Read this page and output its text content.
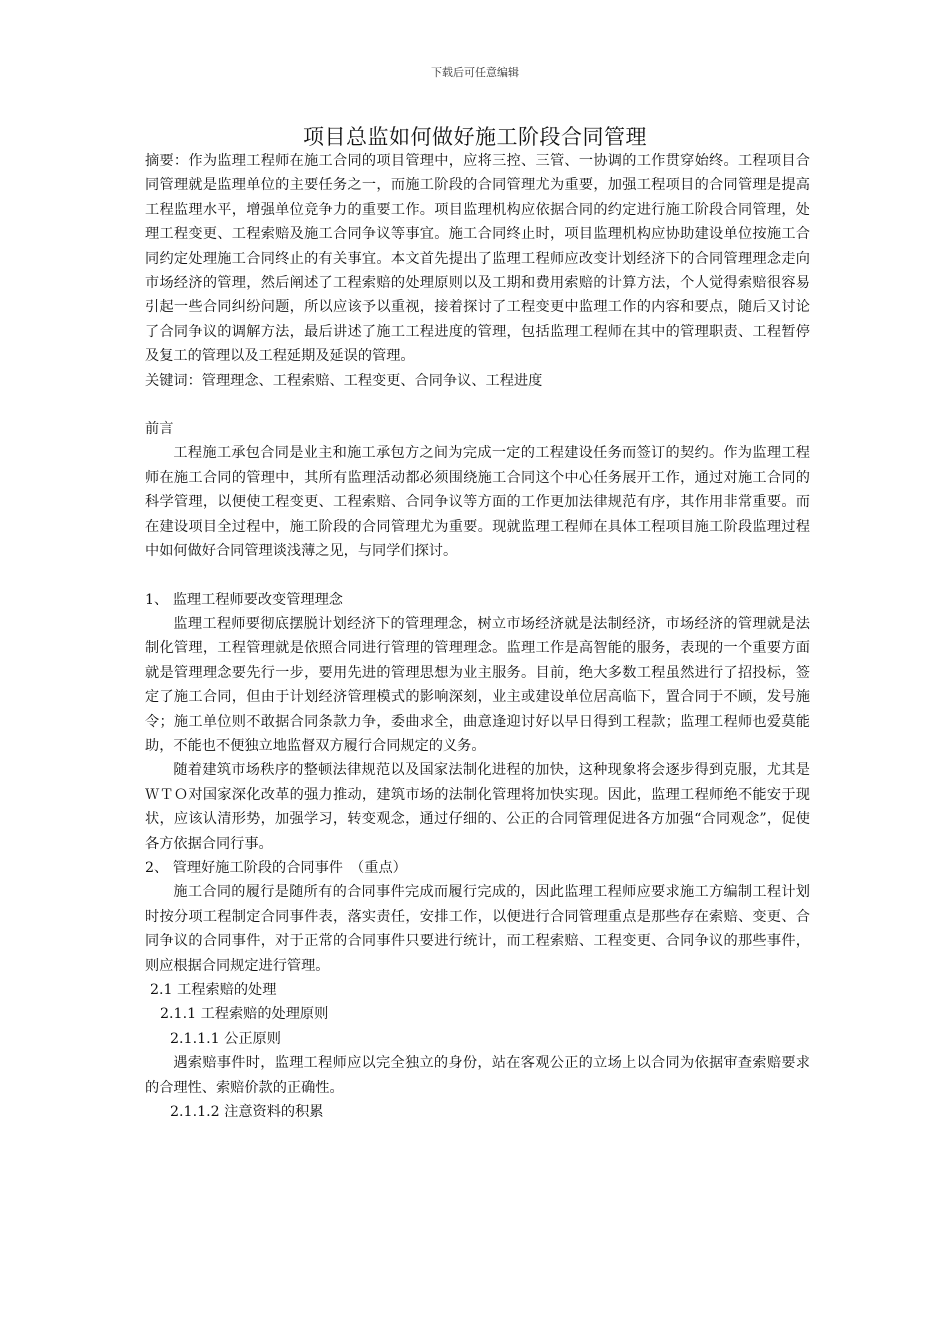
下载后可任意编辑
项目总监如何做好施工阶段合同管理

摘要：作为监理工程师在施工合同的项目管理中，应将三控、三管、一协调的工作贯穿始终。工程项目合同管理就是监理单位的主要任务之一，而施工阶段的合同管理尤为重要，加强工程项目的合同管理是提高工程监理水平，增强单位竞争力的重要工作。项目监理机构应依据合同的约定进行施工阶段合同管理，处理工程变更、工程索赔及施工合同争议等事宜。施工合同终止时，项目监理机构应协助建设单位按施工合同约定处理施工合同终止的有关事宜。本文首先提出了监理工程师应改变计划经济下的合同管理理念走向市场经济的管理，然后阐述了工程索赔的处理原则以及工期和费用索赔的计算方法，个人觉得索赔很容易引起一些合同纠纷问题，所以应该予以重视，接着探讨了工程变更中监理工作的内容和要点，随后又讨论了合同争议的调解方法，最后讲述了施工工程进度的管理，包括监理工程师在其中的管理职责、工程暂停及复工的管理以及工程延期及延误的管理。

关键词：管理理念、工程索赔、工程变更、合同争议、工程进度

前言

工程施工承包合同是业主和施工承包方之间为完成一定的工程建设任务而签订的契约。作为监理工程师在施工合同的管理中，其所有监理活动都必须围绕施工合同这个中心任务展开工作，通过对施工合同的科学管理，以便使工程变更、工程索赔、合同争议等方面的工作更加法律规范有序，其作用非常重要。而在建设项目全过程中，施工阶段的合同管理尤为重要。现就监理工程师在具体工程项目施工阶段监理过程中如何做好合同管理谈浅薄之见，与同学们探讨。

1、 监理工程师要改变管理理念

监理工程师要彻底摆脱计划经济下的管理理念，树立市场经济就是法制经济，市场经济的管理就是法制化管理，工程管理就是依照合同进行管理的管理理念。监理工作是高智能的服务，表现的一个重要方面就是管理理念要先行一步，要用先进的管理思想为业主服务。目前，绝大多数工程虽然进行了招投标，签定了施工合同，但由于计划经济管理模式的影响深刻，业主或建设单位居高临下，置合同于不顾，发号施令；施工单位则不敢据合同条款力争，委曲求全，曲意逢迎讨好以早日得到工程款；监理工程师也爱莫能助，不能也不便独立地监督双方履行合同规定的义务。

随着建筑市场秩序的整顿法律规范以及国家法制化进程的加快，这种现象将会逐步得到克服，尤其是ＷＴＯ对国家深化改革的强力推动，建筑市场的法制化管理将加快实现。因此，监理工程师绝不能安于现状，应该认清形势，加强学习，转变观念，通过仔细的、公正的合同管理促进各方加强“合同观念”，促使各方依据合同行事。

2、 管理好施工阶段的合同事件　（重点）

施工合同的履行是随所有的合同事件完成而履行完成的，因此监理工程师应要求施工方编制工程计划时按分项工程制定合同事件表，落实责任，安排工作，以便进行合同管理重点是那些存在索赔、变更、合同争议的合同事件，对于正常的合同事件只要进行统计，而工程索赔、工程变更、合同争议的那些事件，则应根据合同规定进行管理。

2.1 工程索赔的处理

2.1.1 工程索赔的处理原则

2.1.1.1 公正原则

遇索赔事件时，监理工程师应以完全独立的身份，站在客观公正的立场上以合同为依据审查索赔要求的合理性、索赔价款的正确性。

2.1.1.2 注意资料的积累
